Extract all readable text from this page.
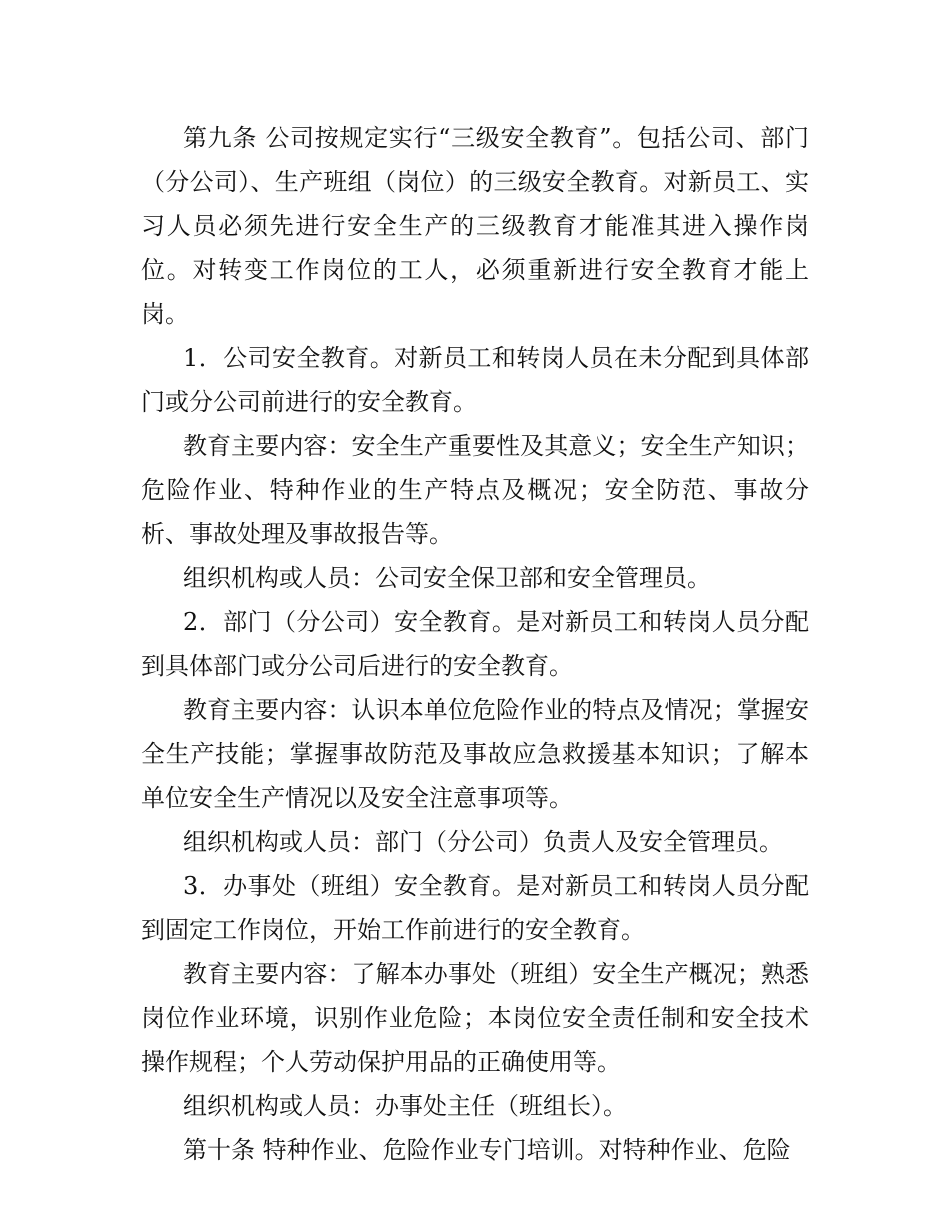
第九条 公司按规定实行“三级安全教育”。包括公司、部门（分公司）、生产班组（岗位）的三级安全教育。对新员工、实习人员必须先进行安全生产的三级教育才能准其进入操作岗位。对转变工作岗位的工人，必须重新进行安全教育才能上岗。

1．公司安全教育。对新员工和转岗人员在未分配到具体部门或分公司前进行的安全教育。

教育主要内容：安全生产重要性及其意义；安全生产知识；危险作业、特种作业的生产特点及概况；安全防范、事故分析、事故处理及事故报告等。

组织机构或人员：公司安全保卫部和安全管理员。

2．部门（分公司）安全教育。是对新员工和转岗人员分配到具体部门或分公司后进行的安全教育。

教育主要内容：认识本单位危险作业的特点及情况；掌握安全生产技能；掌握事故防范及事故应急救援基本知识；了解本单位安全生产情况以及安全注意事项等。

组织机构或人员：部门（分公司）负责人及安全管理员。

3．办事处（班组）安全教育。是对新员工和转岗人员分配到固定工作岗位，开始工作前进行的安全教育。

教育主要内容：了解本办事处（班组）安全生产概况；熟悉岗位作业环境，识别作业危险；本岗位安全责任制和安全技术操作规程；个人劳动保护用品的正确使用等。

组织机构或人员：办事处主任（班组长）。

第十条 特种作业、危险作业专门培训。对特种作业、危险
